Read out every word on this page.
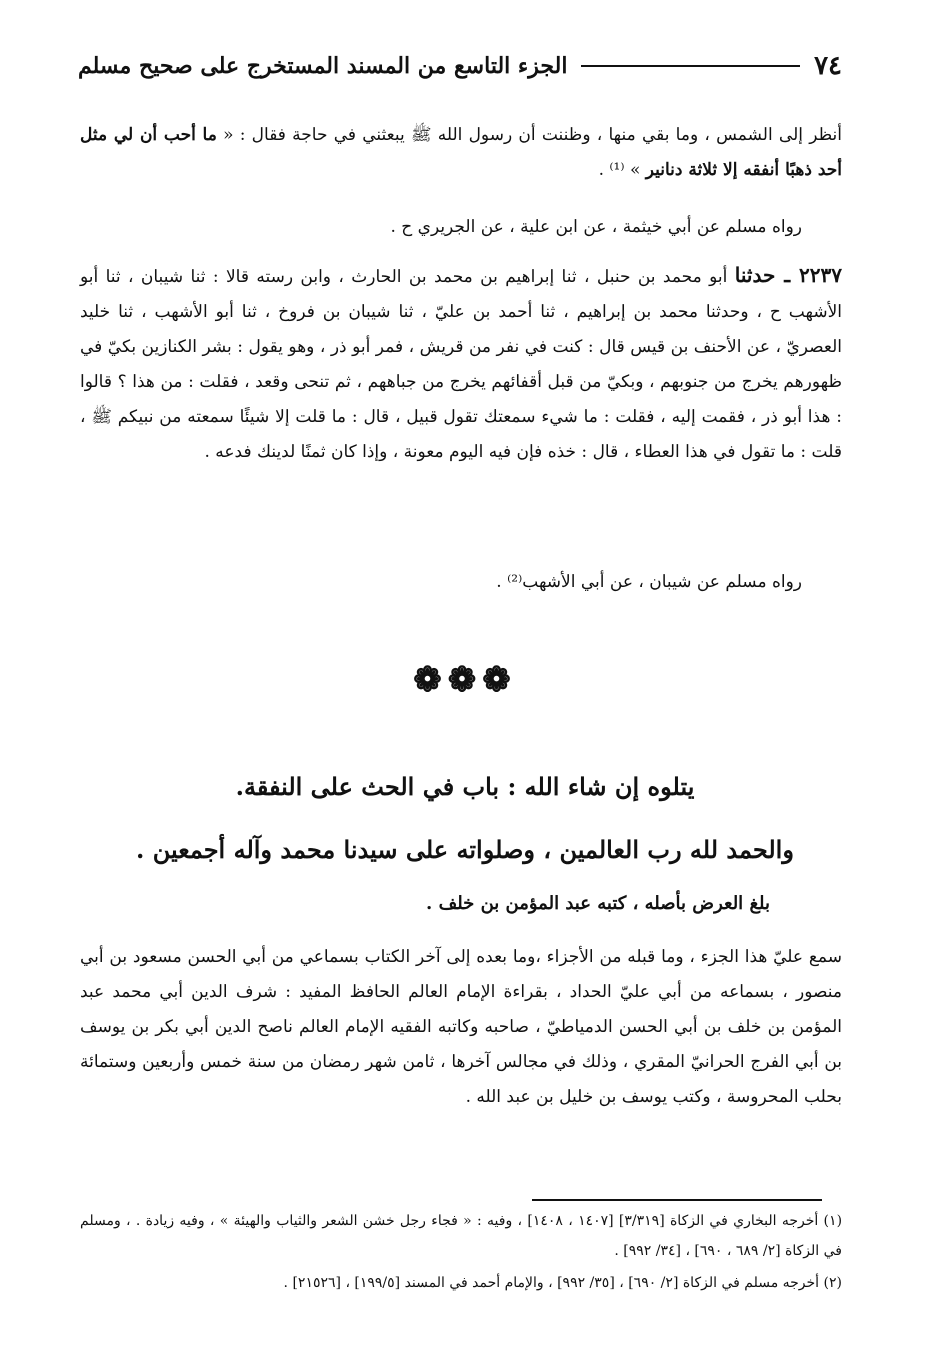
٧٤
الجزء التاسع من المسند المستخرج على صحيح مسلم
أنظر إلى الشمس ، وما بقي منها ، وظننت أن رسول الله ﷺ يبعثني في حاجة فقال : « ما أحب أن لي مثل أحد ذهبًا أنفقه إلا ثلاثة دنانير » ⁽¹⁾ .
رواه مسلم عن أبي خيثمة ، عن ابن علية ، عن الجريري ح .
٢٢٣٧ ـ حدثنا أبو محمد بن حنبل ، ثنا إبراهيم بن محمد بن الحارث ، وابن رسته قالا : ثنا شيبان ، ثنا أبو الأشهب ح ، وحدثنا محمد بن إبراهيم ، ثنا أحمد بن عليّ ، ثنا شيبان بن فروخ ، ثنا أبو الأشهب ، ثنا خليد العصريّ ، عن الأحنف بن قيس قال : كنت في نفر من قريش ، فمر أبو ذر ، وهو يقول : بشر الكنازين بكيّ في ظهورهم يخرج من جنوبهم ، وبكيّ من قبل أقفائهم يخرج من جباههم ، ثم تنحى وقعد ، فقلت : من هذا ؟ قالوا : هذا أبو ذر ، فقمت إليه ، فقلت : ما شيء سمعتك تقول قبيل ، قال : ما قلت إلا شيئًا سمعته من نبيكم ﷺ ، قلت : ما تقول في هذا العطاء ، قال : خذه فإن فيه اليوم معونة ، وإذا كان ثمنًا لدينك فدعه .
رواه مسلم عن شيبان ، عن أبي الأشهب⁽²⁾ .
❁❁❁
يتلوه إن شاء الله : باب في الحث على النفقة.
والحمد لله رب العالمين ، وصلواته على سيدنا محمد وآله أجمعين .
بلغ العرض بأصله ، كتبه عبد المؤمن بن خلف .
سمع عليّ هذا الجزء ، وما قبله من الأجزاء ،وما بعده إلى آخر الكتاب بسماعي من أبي الحسن مسعود بن أبي منصور ، بسماعه من أبي عليّ الحداد ، بقراءة الإمام العالم الحافظ المفيد : شرف الدين أبي محمد عبد المؤمن بن خلف بن أبي الحسن الدمياطيّ ، صاحبه وكاتبه الفقيه الإمام العالم ناصح الدين أبي بكر بن يوسف بن أبي الفرج الحرانيّ المقري ، وذلك في مجالس آخرها ، ثامن شهر رمضان من سنة خمس وأربعين وستمائة بحلب المحروسة ، وكتب يوسف بن خليل بن عبد الله .
(١) أخرجه البخاري في الزكاة [٣/٣١٩] [١٤٠٧ ، ١٤٠٨] ، وفيه : « فجاء رجل خشن الشعر والثياب والهيئة » ، وفيه زيادة . ، ومسلم في الزكاة [٢/ ٦٨٩ ، ٦٩٠] ، [٣٤/ ٩٩٢] .
(٢) أخرجه مسلم في الزكاة [٢/ ٦٩٠] ، [٣٥/ ٩٩٢] ، والإمام أحمد في المسند [١٩٩/٥] ، [٢١٥٢٦] .
